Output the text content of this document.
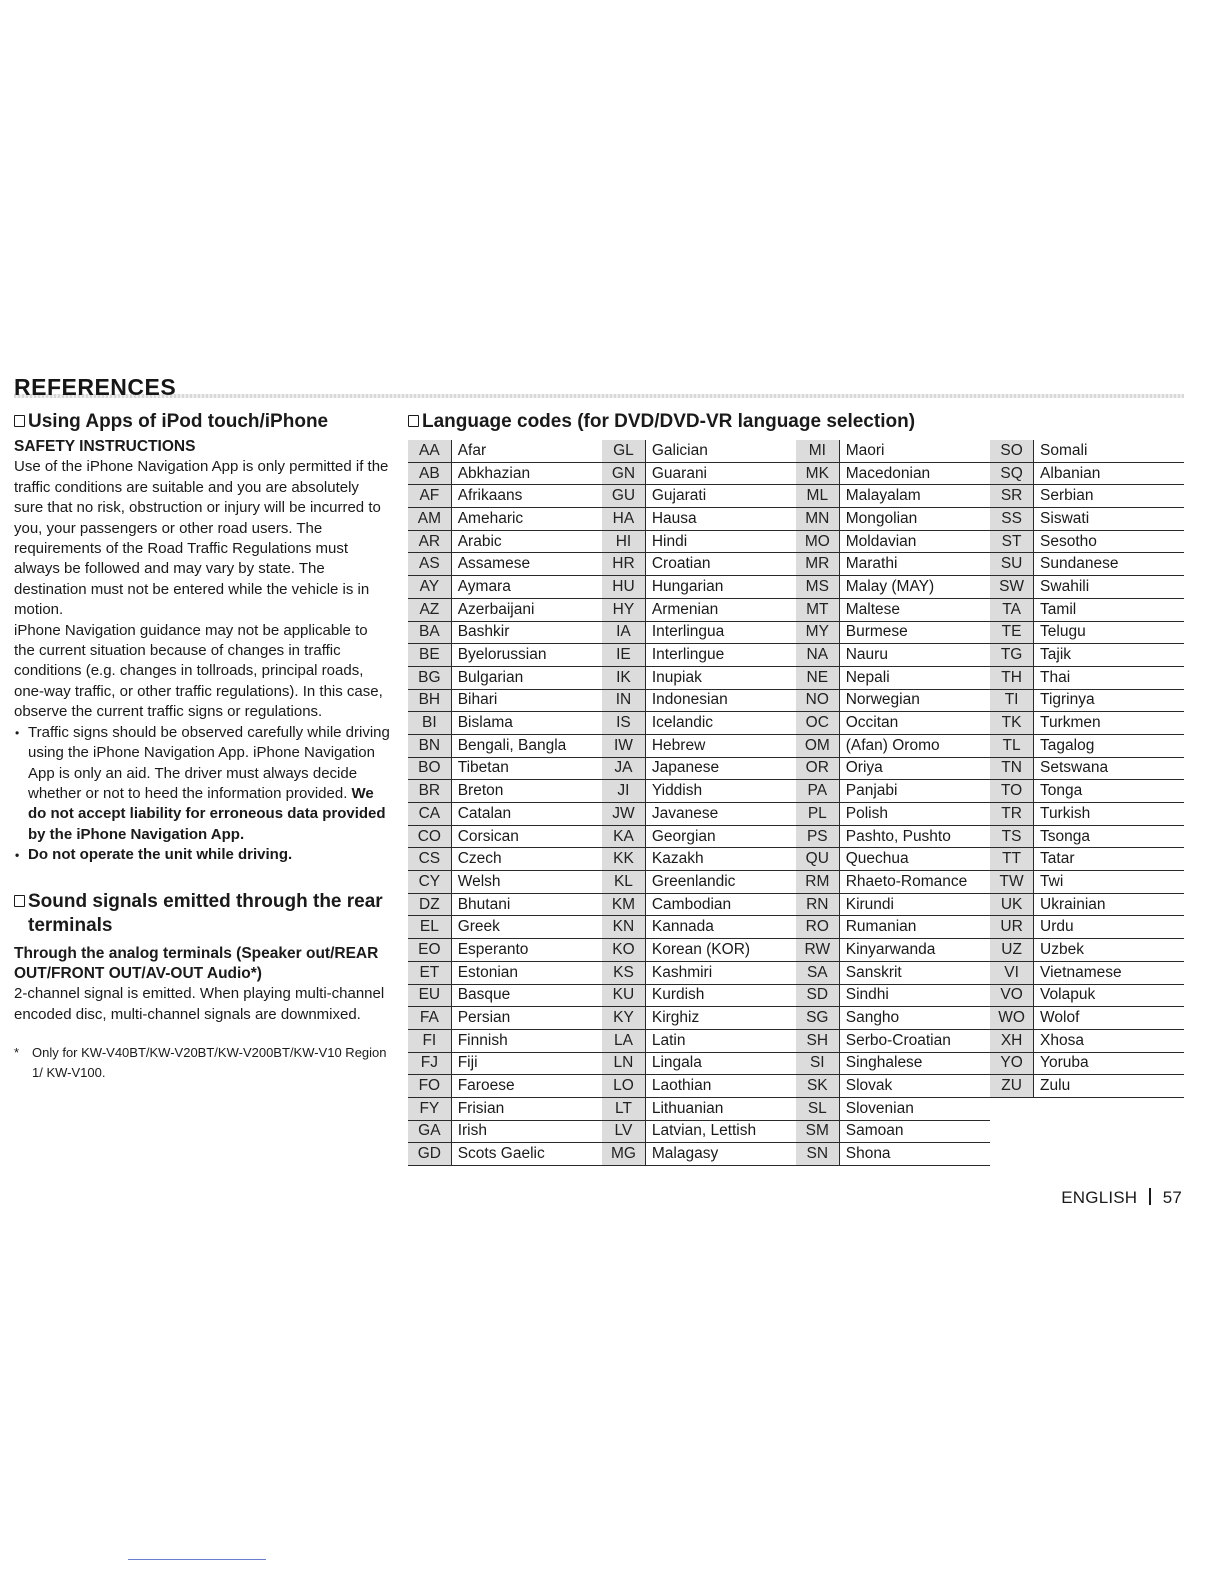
REFERENCES
Using Apps of iPod touch/iPhone
SAFETY INSTRUCTIONS

Use of the iPhone Navigation App is only permitted if the traffic conditions are suitable and you are absolutely sure that no risk, obstruction or injury will be incurred to you, your passengers or other road users. The requirements of the Road Traffic Regulations must always be followed and may vary by state. The destination must not be entered while the vehicle is in motion.

iPhone Navigation guidance may not be applicable to the current situation because of changes in traffic conditions (e.g. changes in tollroads, principal roads, one-way traffic, or other traffic regulations). In this case, observe the current traffic signs or regulations.

• Traffic signs should be observed carefully while driving using the iPhone Navigation App. iPhone Navigation App is only an aid. The driver must always decide whether or not to heed the information provided. We do not accept liability for erroneous data provided by the iPhone Navigation App.
• Do not operate the unit while driving.
Sound signals emitted through the rear terminals
Through the analog terminals (Speaker out/REAR OUT/FRONT OUT/AV-OUT Audio*)

2-channel signal is emitted. When playing multi-channel encoded disc, multi-channel signals are downmixed.

* Only for KW-V40BT/KW-V20BT/KW-V200BT/KW-V10 Region 1/ KW-V100.
Language codes (for DVD/DVD-VR language selection)
AA	Afar	GL	Galician	MI	Maori	SO	Somali
AB	Abkhazian	GN	Guarani	MK	Macedonian	SQ	Albanian
AF	Afrikaans	GU	Gujarati	ML	Malayalam	SR	Serbian
AM	Ameharic	HA	Hausa	MN	Mongolian	SS	Siswati
AR	Arabic	HI	Hindi	MO	Moldavian	ST	Sesotho
AS	Assamese	HR	Croatian	MR	Marathi	SU	Sundanese
AY	Aymara	HU	Hungarian	MS	Malay (MAY)	SW	Swahili
AZ	Azerbaijani	HY	Armenian	MT	Maltese	TA	Tamil
BA	Bashkir	IA	Interlingua	MY	Burmese	TE	Telugu
BE	Byelorussian	IE	Interlingue	NA	Nauru	TG	Tajik
BG	Bulgarian	IK	Inupiak	NE	Nepali	TH	Thai
BH	Bihari	IN	Indonesian	NO	Norwegian	TI	Tigrinya
BI	Bislama	IS	Icelandic	OC	Occitan	TK	Turkmen
BN	Bengali, Bangla	IW	Hebrew	OM	(Afan) Oromo	TL	Tagalog
BO	Tibetan	JA	Japanese	OR	Oriya	TN	Setswana
BR	Breton	JI	Yiddish	PA	Panjabi	TO	Tonga
CA	Catalan	JW	Javanese	PL	Polish	TR	Turkish
CO	Corsican	KA	Georgian	PS	Pashto, Pushto	TS	Tsonga
CS	Czech	KK	Kazakh	QU	Quechua	TT	Tatar
CY	Welsh	KL	Greenlandic	RM	Rhaeto-Romance	TW	Twi
DZ	Bhutani	KM	Cambodian	RN	Kirundi	UK	Ukrainian
EL	Greek	KN	Kannada	RO	Rumanian	UR	Urdu
EO	Esperanto	KO	Korean (KOR)	RW	Kinyarwanda	UZ	Uzbek
ET	Estonian	KS	Kashmiri	SA	Sanskrit	VI	Vietnamese
EU	Basque	KU	Kurdish	SD	Sindhi	VO	Volapuk
FA	Persian	KY	Kirghiz	SG	Sangho	WO	Wolof
FI	Finnish	LA	Latin	SH	Serbo-Croatian	XH	Xhosa
FJ	Fiji	LN	Lingala	SI	Singhalese	YO	Yoruba
FO	Faroese	LO	Laothian	SK	Slovak	ZU	Zulu
FY	Frisian	LT	Lithuanian	SL	Slovenian		
GA	Irish	LV	Latvian, Lettish	SM	Samoan		
GD	Scots Gaelic	MG	Malagasy	SN	Shona		
ENGLISH 57
